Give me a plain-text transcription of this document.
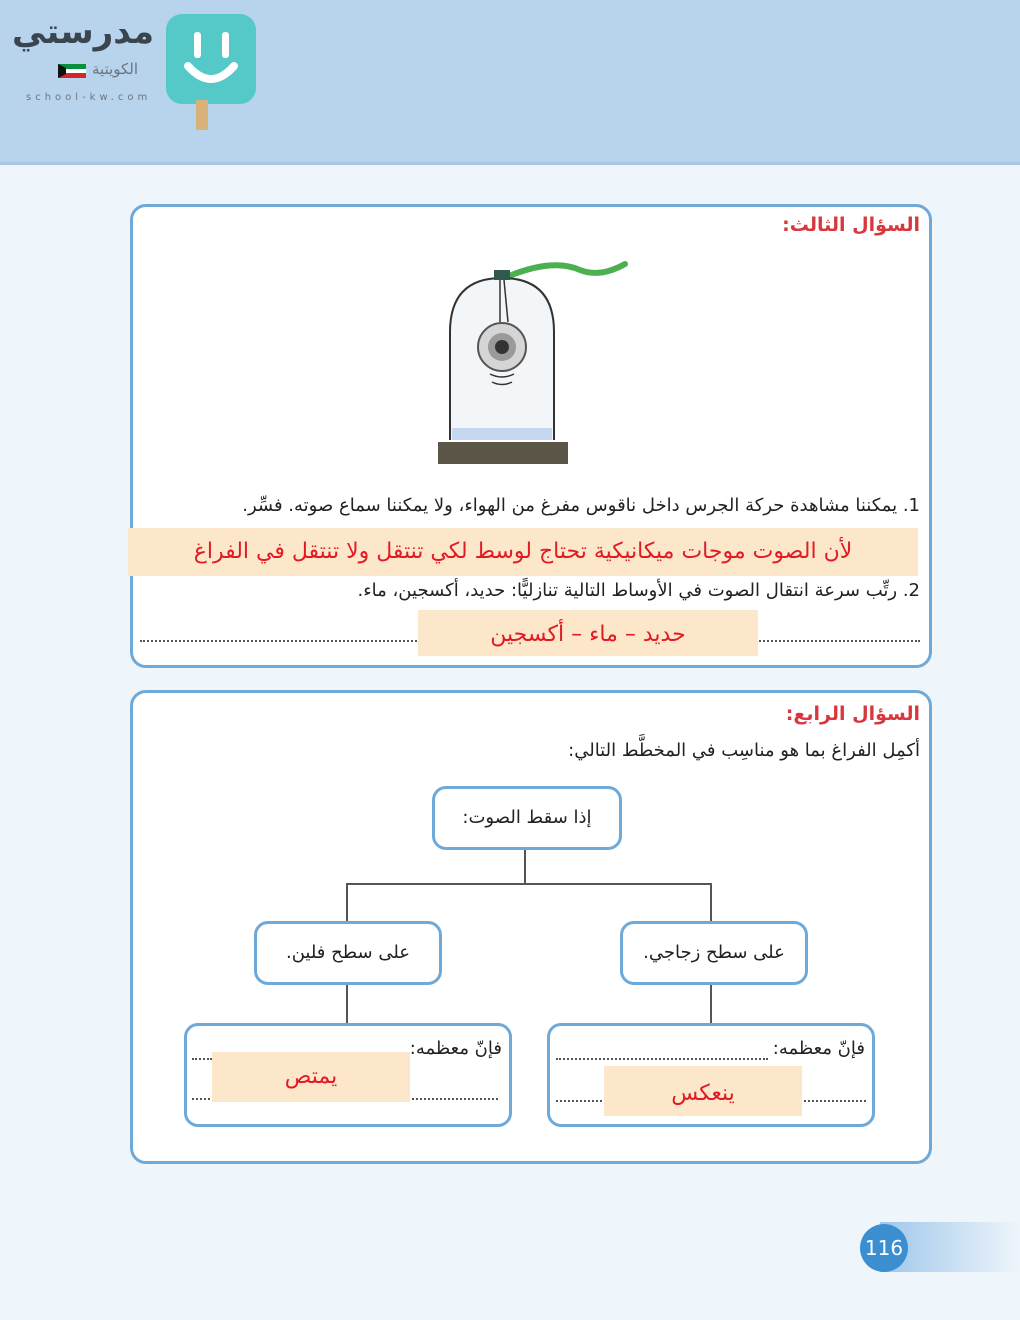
مدرستي
الكويتية
school-kw.com
السؤال الثالث:
1. يمكننا مشاهدة حركة الجرس داخل ناقوس مفرغ من الهواء، ولا يمكننا سماع صوته. فسِّر.
لأن الصوت موجات ميكانيكية تحتاج لوسط لكي تنتقل ولا تنتقل في الفراغ
2. رتِّب سرعة انتقال الصوت في الأوساط التالية تنازليًّا: حديد، أكسجين، ماء.
حديد – ماء – أكسجين
السؤال الرابع:
أكمِل الفراغ بما هو مناسِب في المخطَّط التالي:
إذا سقط الصوت:
على سطح فلين.	على سطح زجاجي.
فإنّ معظمه:
يمتص
فإنّ معظمه:
ينعكس
116
